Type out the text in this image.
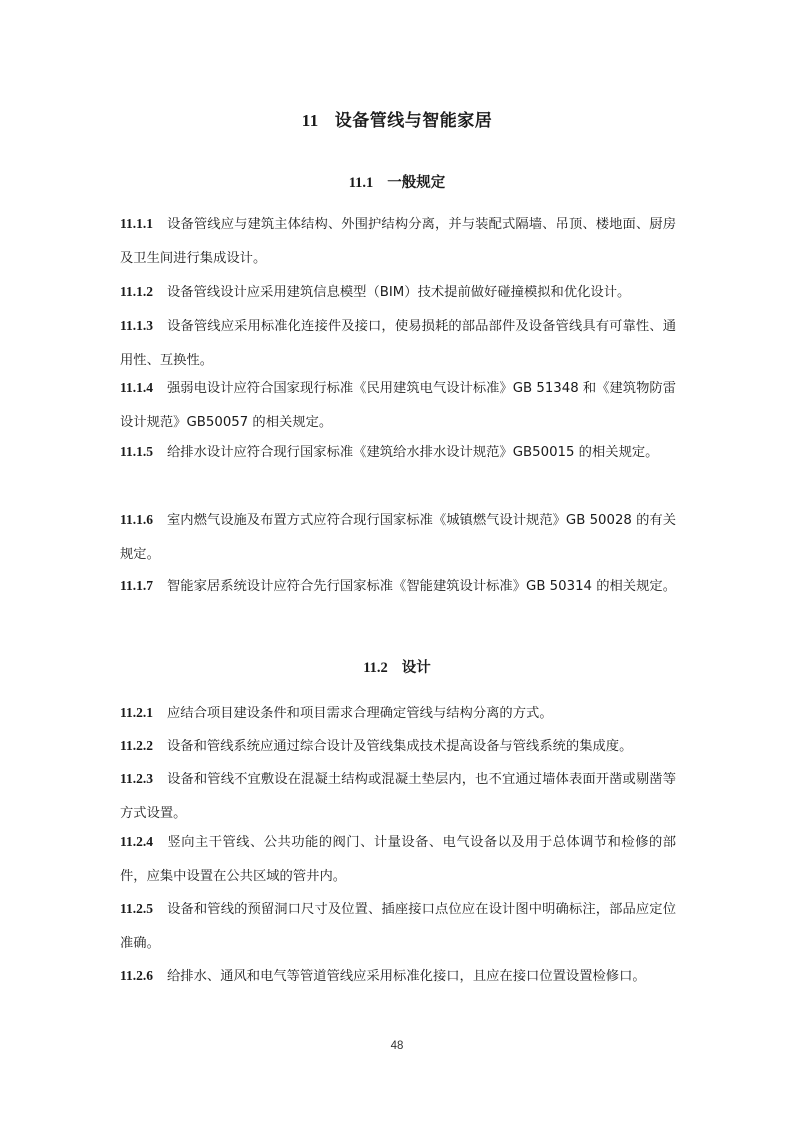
11 设备管线与智能家居
11.1 一般规定
11.1.1 设备管线应与建筑主体结构、外围护结构分离，并与装配式隔墙、吊顶、楼地面、厨房及卫生间进行集成设计。
11.1.2 设备管线设计应采用建筑信息模型（BIM）技术提前做好碰撞模拟和优化设计。
11.1.3 设备管线应采用标准化连接件及接口，使易损耗的部品部件及设备管线具有可靠性、通用性、互换性。
11.1.4 强弱电设计应符合国家现行标准《民用建筑电气设计标准》GB 51348 和《建筑物防雷设计规范》GB50057 的相关规定。
11.1.5 给排水设计应符合现行国家标准《建筑给水排水设计规范》GB50015 的相关规定。
11.1.6 室内燃气设施及布置方式应符合现行国家标准《城镇燃气设计规范》GB 50028 的有关规定。
11.1.7 智能家居系统设计应符合先行国家标准《智能建筑设计标准》GB 50314 的相关规定。
11.2 设计
11.2.1 应结合项目建设条件和项目需求合理确定管线与结构分离的方式。
11.2.2 设备和管线系统应通过综合设计及管线集成技术提高设备与管线系统的集成度。
11.2.3 设备和管线不宜敷设在混凝土结构或混凝土垫层内，也不宜通过墙体表面开凿或剔凿等方式设置。
11.2.4 竖向主干管线、公共功能的阀门、计量设备、电气设备以及用于总体调节和检修的部件，应集中设置在公共区域的管井内。
11.2.5 设备和管线的预留洞口尺寸及位置、插座接口点位应在设计图中明确标注，部品应定位准确。
11.2.6 给排水、通风和电气等管道管线应采用标准化接口，且应在接口位置设置检修口。
48
